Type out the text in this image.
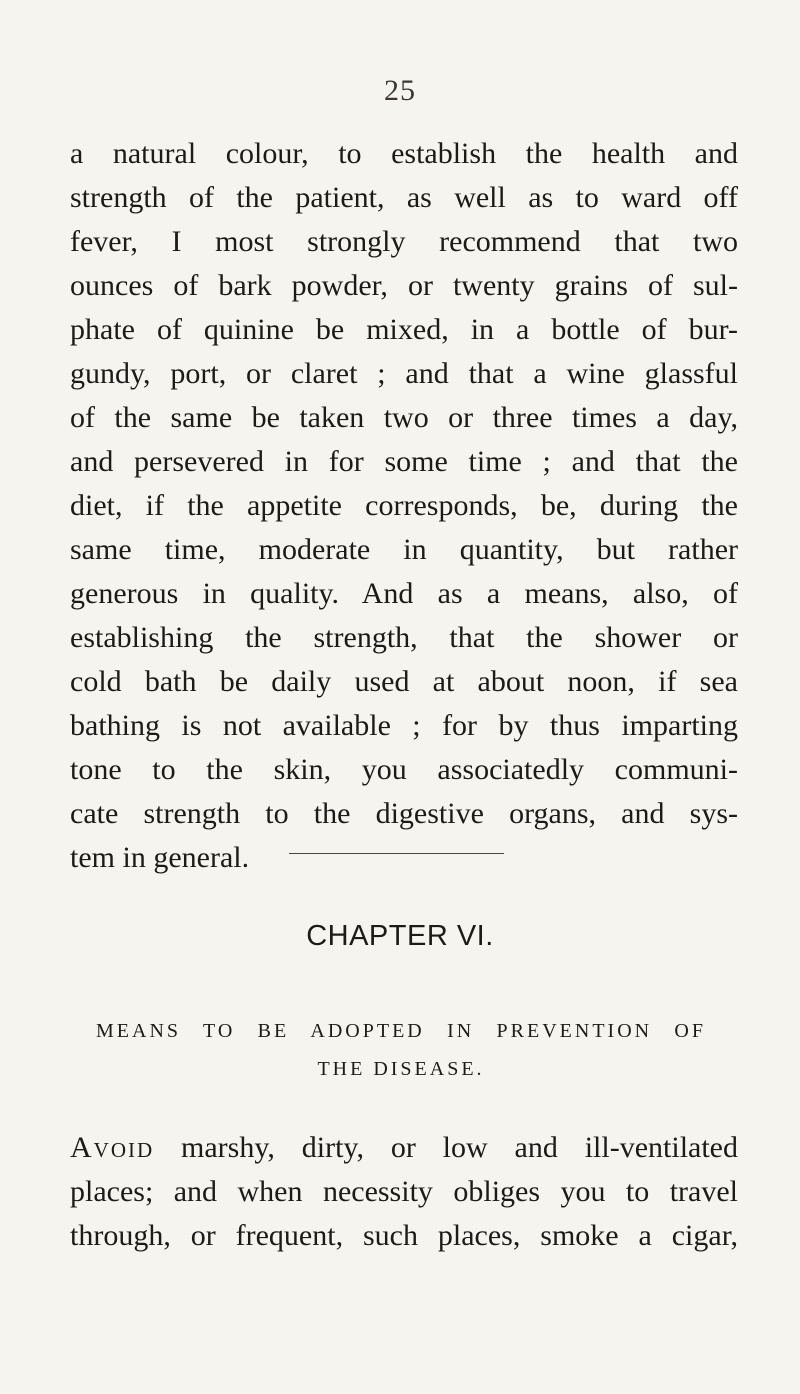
25
a natural colour, to establish the health and
strength of the patient, as well as to ward off
fever, I most strongly recommend that two
ounces of bark powder, or twenty grains of sul-
phate of quinine be mixed, in a bottle of bur-
gundy, port, or claret ; and that a wine glassful
of the same be taken two or three times a day,
and persevered in for some time ; and that the
diet, if the appetite corresponds, be, during the
same time, moderate in quantity, but rather
generous in quality. And as a means, also, of
establishing the strength, that the shower or
cold bath be daily used at about noon, if sea
bathing is not available ; for by thus imparting
tone to the skin, you associatedly communi-
cate strength to the digestive organs, and sys-
tem in general.
CHAPTER VI.
MEANS TO BE ADOPTED IN PREVENTION OF
THE DISEASE.
Avoid marshy, dirty, or low and ill-ventilated
places; and when necessity obliges you to travel
through, or frequent, such places, smoke a cigar,
